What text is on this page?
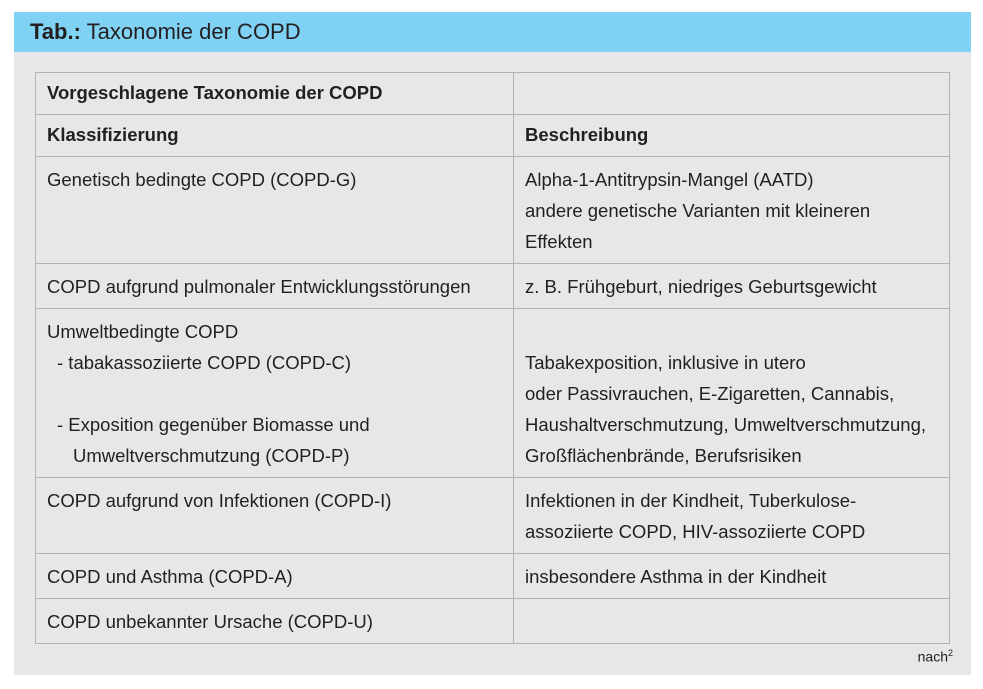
Tab.: Taxonomie der COPD
Vorgeschlagene Taxonomie der COPD	
Klassifizierung	Beschreibung

Genetisch bedingte COPD (COPD-G)	Alpha-1-Antitrypsin-Mangel (AATD)
andere genetische Varianten mit kleineren
Effekten

COPD aufgrund pulmonaler Entwicklungsstörungen	z. B. Frühgeburt, niedriges Geburtsgewicht

Umweltbedingte COPD
- tabakassoziierte COPD (COPD-C)
- Exposition gegenüber Biomasse und
Umweltverschmutzung (COPD-P)	Tabakexposition, inklusive in utero
oder Passivrauchen, E-Zigaretten, Cannabis,
Haushaltverschmutzung, Umweltverschmutzung,
Großflächenbrände, Berufsrisiken

COPD aufgrund von Infektionen (COPD-I)	Infektionen in der Kindheit, Tuberkulose-
assoziierte COPD, HIV-assoziierte COPD

COPD und Asthma (COPD-A)	insbesondere Asthma in der Kindheit

COPD unbekannter Ursache (COPD-U)	

nach$^2$
